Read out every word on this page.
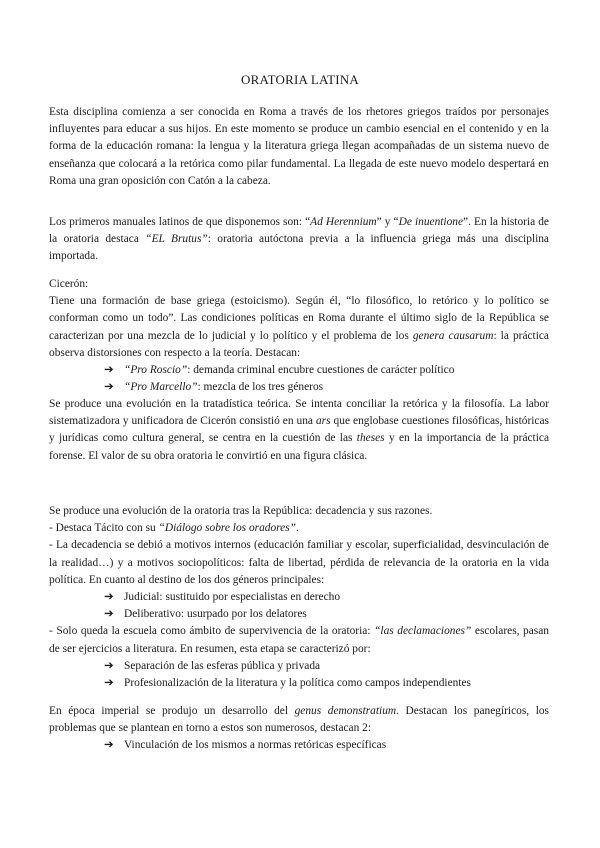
ORATORIA LATINA

Esta disciplina comienza a ser conocida en Roma a través de los rhetores griegos traídos por personajes influyentes para educar a sus hijos. En este momento se produce un cambio esencial en el contenido y en la forma de la educación romana: la lengua y la literatura griega llegan acompañadas de un sistema nuevo de enseñanza que colocará a la retórica como pilar fundamental. La llegada de este nuevo modelo despertará en Roma una gran oposición con Catón a la cabeza.

Los primeros manuales latinos de que disponemos son: “Ad Herennium” y “De inuentione”. En la historia de la oratoria destaca “EL Brutus”: oratoria autóctona previa a la influencia griega más una disciplina importada.

Cicerón:

Tiene una formación de base griega (estoicismo). Según él, “lo filosófico, lo retórico y lo político se conforman como un todo”. Las condiciones políticas en Roma durante el último siglo de la República se caracterizan por una mezcla de lo judicial y lo político y el problema de los genera causarum: la práctica observa distorsiones con respecto a la teoría. Destacan:

➔ “Pro Roscio”: demanda criminal encubre cuestiones de carácter político
➔ “Pro Marcello”: mezcla de los tres géneros

Se produce una evolución en la tratadística teórica. Se intenta conciliar la retórica y la filosofía. La labor sistematizadora y unificadora de Cicerón consistió en una ars que englobase cuestiones filosóficas, históricas y jurídicas como cultura general, se centra en la cuestión de las theses y en la importancia de la práctica forense. El valor de su obra oratoria le convirtió en una figura clásica.

Se produce una evolución de la oratoria tras la República: decadencia y sus razones.
- Destaca Tácito con su “Diálogo sobre los oradores”.

- La decadencia se debió a motivos internos (educación familiar y escolar, superficialidad, desvinculación de la realidad…) y a motivos sociopolíticos: falta de libertad, pérdida de relevancia de la oratoria en la vida política. En cuanto al destino de los dos géneros principales:

➔ Judicial: sustituido por especialistas en derecho
➔ Deliberativo: usurpado por los delatores

- Solo queda la escuela como ámbito de supervivencia de la oratoria: “las declamaciones” escolares, pasan de ser ejercicios a literatura. En resumen, esta etapa se caracterizó por:

➔ Separación de las esferas pública y privada
➔ Profesionalización de la literatura y la política como campos independientes

En época imperial se produjo un desarrollo del genus demonstratium. Destacan los panegíricos, los problemas que se plantean en torno a estos son numerosos, destacan 2:

➔ Vinculación de los mismos a normas retóricas específicas
